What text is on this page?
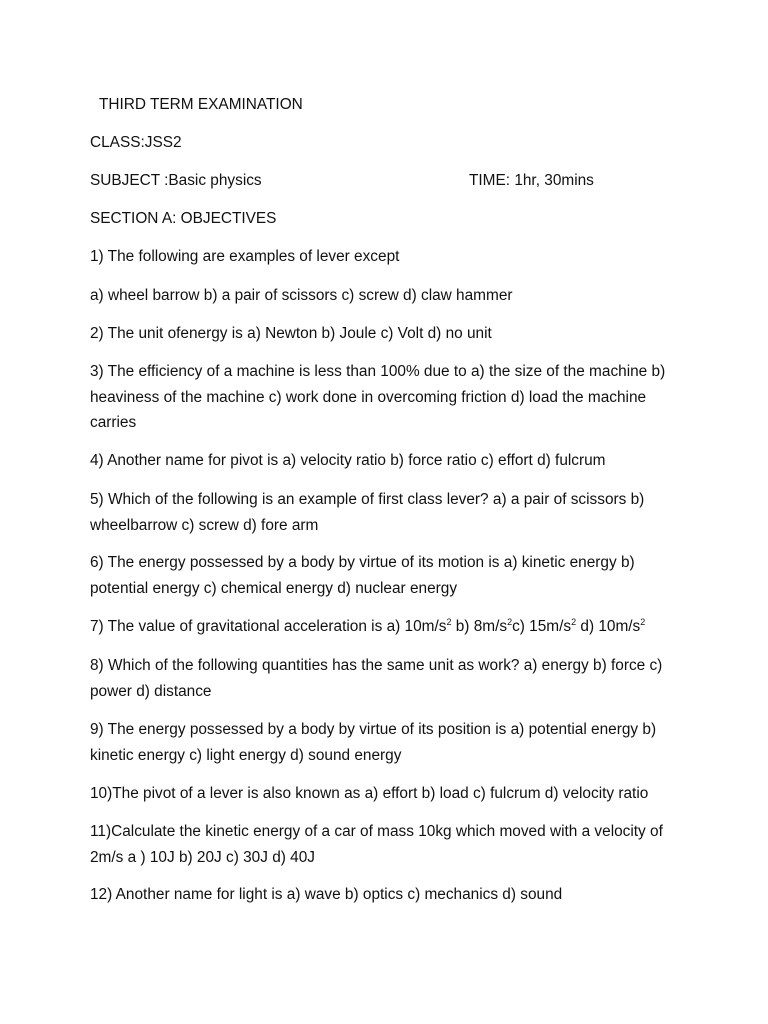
THIRD TERM EXAMINATION
CLASS:JSS2
SUBJECT :Basic physics	TIME: 1hr, 30mins
SECTION A: OBJECTIVES
1) The following are examples of lever except
a) wheel barrow b) a pair of scissors c) screw d) claw hammer
2) The unit ofenergy is a) Newton b) Joule c) Volt d) no unit
3) The efficiency of a machine is less than 100% due to a) the size of the machine b) heaviness of the machine c) work done in overcoming friction d) load the machine carries
4) Another name for pivot is a) velocity ratio b) force ratio c) effort d) fulcrum
5) Which of the following is an example of first class lever? a) a pair of scissors b) wheelbarrow c) screw d) fore arm
6) The energy possessed by a body by virtue of its motion is a) kinetic energy b) potential energy c) chemical energy d) nuclear energy
7) The value of gravitational acceleration is a) $10m/s^2$ b) $8m/s^2c$) $15m/s^2$ d) $10m/s^2$
8) Which of the following quantities has the same unit as work? a) energy b) force c) power d) distance
9) The energy possessed by a body by virtue of its position is a) potential energy b) kinetic energy c) light energy d) sound energy
10)The pivot of a lever is also known as a) effort b) load c) fulcrum d) velocity ratio
11)Calculate the kinetic energy of a car of mass 10kg which moved with a velocity of 2m/s a ) 10J b) 20J c) 30J d) 40J
12) Another name for light is a) wave b) optics c) mechanics d) sound
